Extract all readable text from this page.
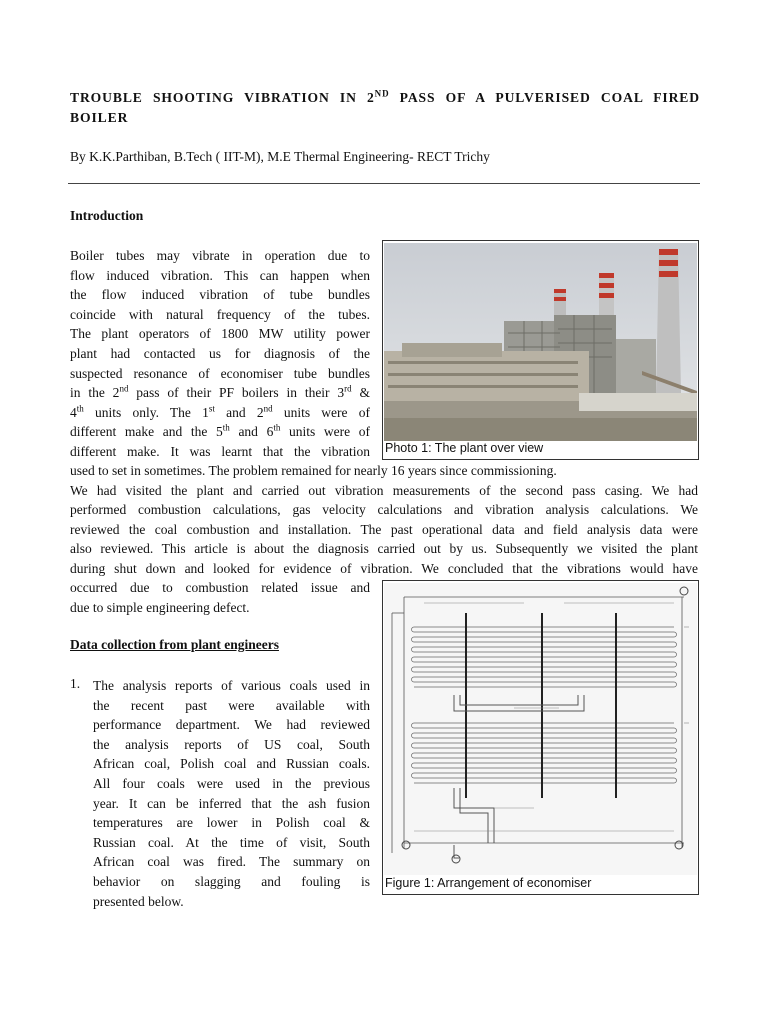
TROUBLE SHOOTING VIBRATION IN 2ND PASS OF A PULVERISED COAL FIRED
BOILER
By K.K.Parthiban, B.Tech ( IIT-M), M.E Thermal Engineering- RECT Trichy
Introduction
Boiler tubes may vibrate in operation due to
flow induced vibration. This can happen when
the flow induced vibration of tube bundles
coincide with natural frequency of the tubes.
The plant operators of 1800 MW utility power
plant had contacted us for diagnosis of the
suspected resonance of economiser tube bundles
in the 2nd pass of their PF boilers in their 3rd &
4th units only. The 1st and 2nd units were of
different make and the 5th and 6th units were of
different make. It was learnt that the vibration
used to set in sometimes. The problem remained for nearly 16 years since commissioning.
We had visited the plant and carried out vibration measurements of the second pass casing. We had
performed combustion calculations, gas velocity calculations and vibration analysis calculations. We
reviewed the coal combustion and installation. The past operational data and field analysis data were
also reviewed. This article is about the diagnosis carried out by us. Subsequently we visited the plant
during shut down and looked for evidence of vibration. We concluded that the vibrations would have
occurred due to combustion related issue and
due to simple engineering defect.
Data collection from plant engineers
1. The analysis reports of various coals used in
the recent past were available with
performance department. We had reviewed
the analysis reports of US coal, South
African coal, Polish coal and Russian coals.
All four coals were used in the previous
year. It can be inferred that the ash fusion
temperatures are lower in Polish coal &
Russian coal. At the time of visit, South
African coal was fired. The summary on
behavior on slagging and fouling is
presented below.
Photo 1: The plant over view
Figure 1: Arrangement of economiser
